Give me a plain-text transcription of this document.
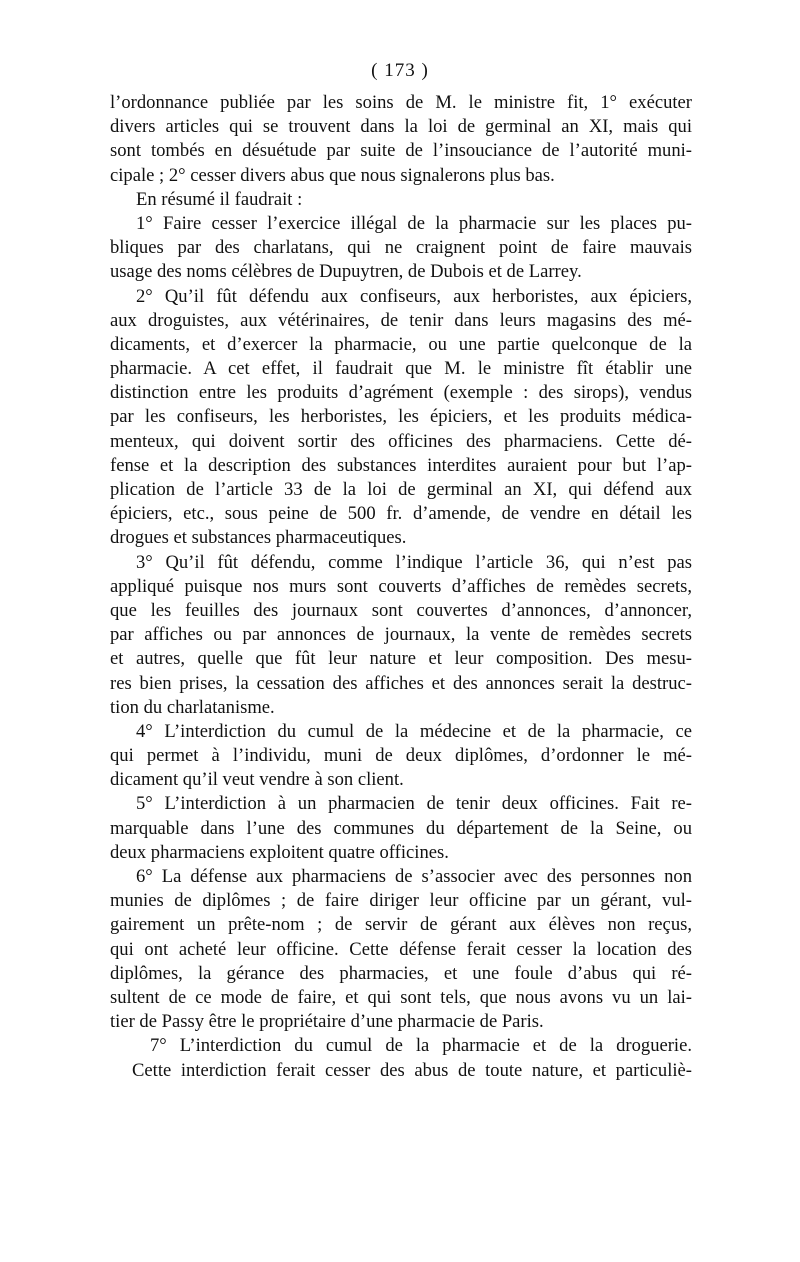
( 173 )
l’ordonnance publiée par les soins de M. le ministre fit, 1° exécuter
divers articles qui se trouvent dans la loi de germinal an XI, mais qui
sont tombés en désuétude par suite de l’insouciance de l’autorité muni-
cipale ; 2° cesser divers abus que nous signalerons plus bas.
En résumé il faudrait :
1° Faire cesser l’exercice illégal de la pharmacie sur les places pu-
bliques par des charlatans, qui ne craignent point de faire mauvais
usage des noms célèbres de Dupuytren, de Dubois et de Larrey.
2° Qu’il fût défendu aux confiseurs, aux herboristes, aux épiciers,
aux droguistes, aux vétérinaires, de tenir dans leurs magasins des mé-
dicaments, et d’exercer la pharmacie, ou une partie quelconque de la
pharmacie. A cet effet, il faudrait que M. le ministre fît établir une
distinction entre les produits d’agrément (exemple : des sirops), vendus
par les confiseurs, les herboristes, les épiciers, et les produits médica-
menteux, qui doivent sortir des officines des pharmaciens. Cette dé-
fense et la description des substances interdites auraient pour but l’ap-
plication de l’article 33 de la loi de germinal an XI, qui défend aux
épiciers, etc., sous peine de 500 fr. d’amende, de vendre en détail les
drogues et substances pharmaceutiques.
3° Qu’il fût défendu, comme l’indique l’article 36, qui n’est pas
appliqué puisque nos murs sont couverts d’affiches de remèdes secrets,
que les feuilles des journaux sont couvertes d’annonces, d’annoncer,
par affiches ou par annonces de journaux, la vente de remèdes secrets
et autres, quelle que fût leur nature et leur composition. Des mesu-
res bien prises, la cessation des affiches et des annonces serait la destruc-
tion du charlatanisme.
4° L’interdiction du cumul de la médecine et de la pharmacie, ce
qui permet à l’individu, muni de deux diplômes, d’ordonner le mé-
dicament qu’il veut vendre à son client.
5° L’interdiction à un pharmacien de tenir deux officines. Fait re-
marquable dans l’une des communes du département de la Seine, ou
deux pharmaciens exploitent quatre officines.
6° La défense aux pharmaciens de s’associer avec des personnes non
munies de diplômes ; de faire diriger leur officine par un gérant, vul-
gairement un prête-nom ; de servir de gérant aux élèves non reçus,
qui ont acheté leur officine. Cette défense ferait cesser la location des
diplômes, la gérance des pharmacies, et une foule d’abus qui ré-
sultent de ce mode de faire, et qui sont tels, que nous avons vu un lai-
tier de Passy être le propriétaire d’une pharmacie de Paris.
7° L’interdiction du cumul de la pharmacie et de la droguerie.
Cette interdiction ferait cesser des abus de toute nature, et particuliè-
